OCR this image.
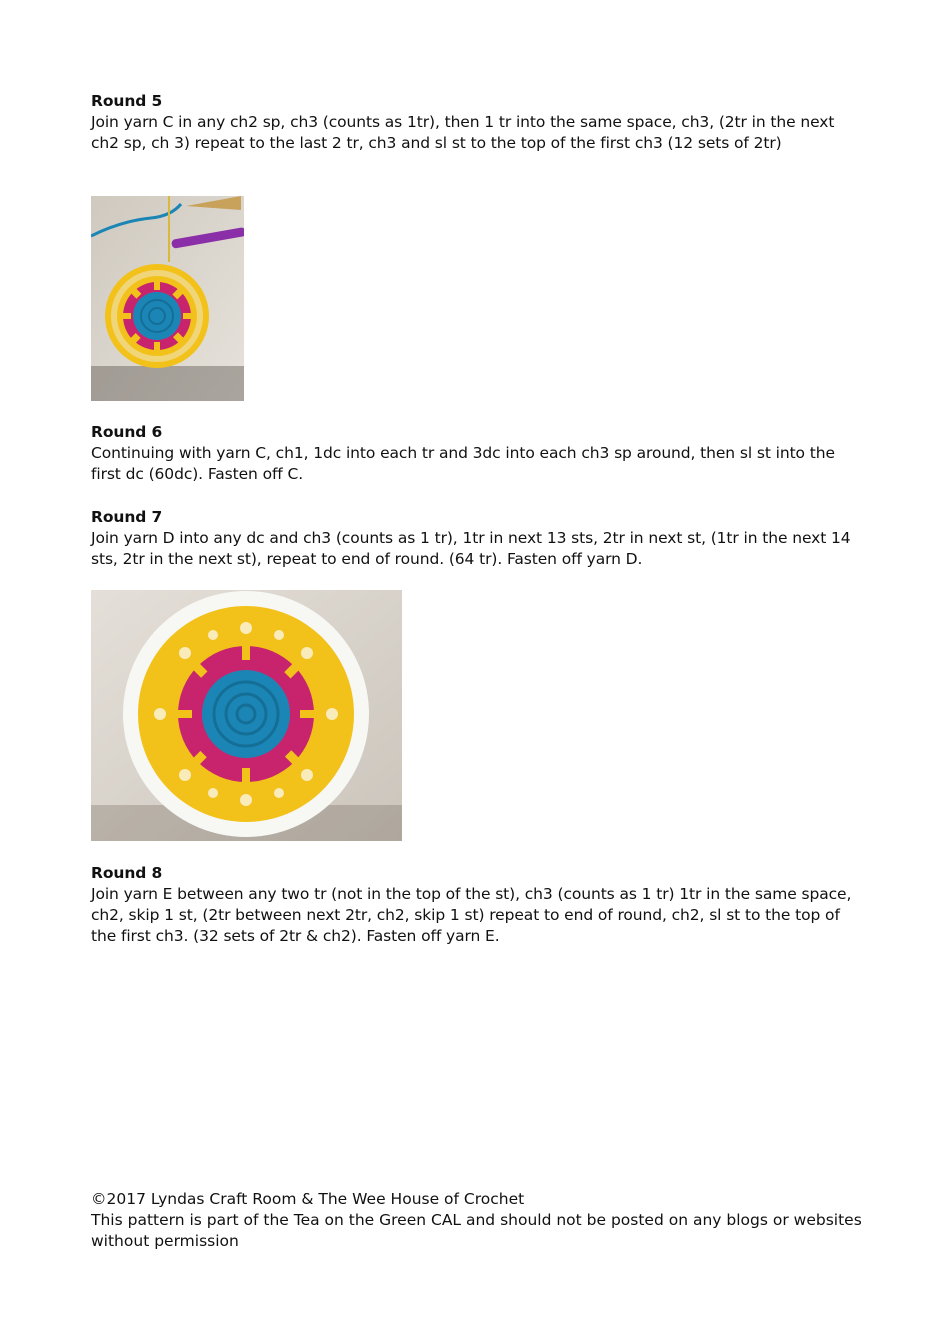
Round 5
Join yarn C in any ch2 sp, ch3 (counts as 1tr), then 1 tr into the same space, ch3, (2tr in the next ch2 sp, ch 3) repeat to the last 2 tr, ch3 and sl st to the top of the first ch3 (12 sets of 2tr)
Round 6
Continuing with yarn C, ch1, 1dc into each tr and 3dc into each ch3 sp around, then sl st into the first dc (60dc). Fasten off C.
Round 7
Join yarn D into any dc and ch3 (counts as 1 tr), 1tr in next 13 sts, 2tr in next st, (1tr in the next 14 sts, 2tr in the next st), repeat to end of round. (64 tr). Fasten off yarn D.
Round 8
Join yarn E between any two tr (not in the top of the st), ch3 (counts as 1 tr) 1tr in the same space, ch2, skip 1 st, (2tr between next 2tr, ch2, skip 1 st) repeat to end of round, ch2, sl st to the top of the first ch3. (32 sets of 2tr & ch2). Fasten off yarn E.
©2017 Lyndas Craft Room & The Wee House of Crochet
This pattern is part of the Tea on the Green CAL and should not be posted on any blogs or websites without permission
